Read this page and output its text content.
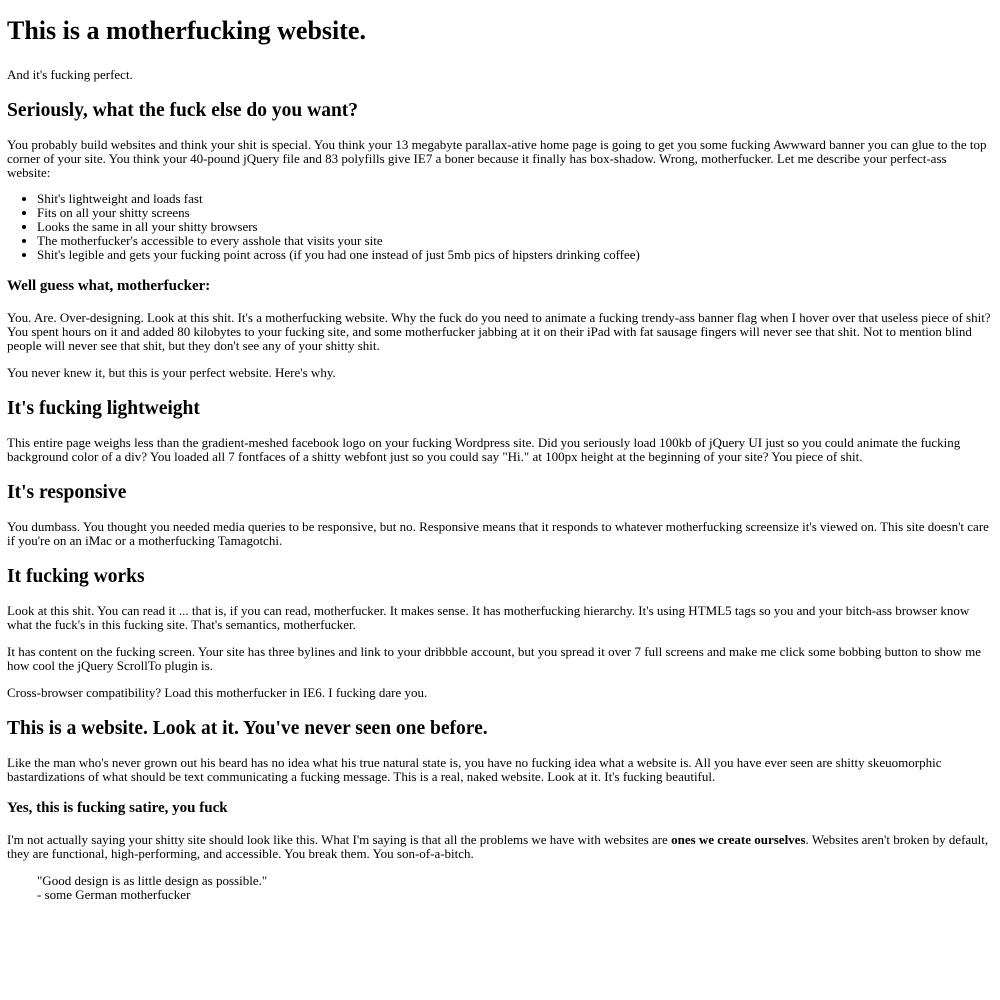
This is a motherfucking website.

And it's fucking perfect.

Seriously, what the fuck else do you want?

You probably build websites and think your shit is special. You think your 13 megabyte parallax-ative home page is going to get you some fucking Awwward banner you can glue to the top corner of your site. You think your 40-pound jQuery file and 83 polyfills give IE7 a boner because it finally has box-shadow. Wrong, motherfucker. Let me describe your perfect-ass website:

• Shit's lightweight and loads fast
• Fits on all your shitty screens
• Looks the same in all your shitty browsers
• The motherfucker's accessible to every asshole that visits your site
• Shit's legible and gets your fucking point across (if you had one instead of just 5mb pics of hipsters drinking coffee)
Well guess what, motherfucker:

You. Are. Over-designing. Look at this shit. It's a motherfucking website. Why the fuck do you need to animate a fucking trendy-ass banner flag when I hover over that useless piece of shit? You spent hours on it and added 80 kilobytes to your fucking site, and some motherfucker jabbing at it on their iPad with fat sausage fingers will never see that shit. Not to mention blind people will never see that shit, but they don't see any of your shitty shit.

You never knew it, but this is your perfect website. Here's why.

It's fucking lightweight

This entire page weighs less than the gradient-meshed facebook logo on your fucking Wordpress site. Did you seriously load 100kb of jQuery UI just so you could animate the fucking background color of a div? You loaded all 7 fontfaces of a shitty webfont just so you could say "Hi." at 100px height at the beginning of your site? You piece of shit.

It's responsive

You dumbass. You thought you needed media queries to be responsive, but no. Responsive means that it responds to whatever motherfucking screensize it's viewed on. This site doesn't care if you're on an iMac or a motherfucking Tamagotchi.

It fucking works

Look at this shit. You can read it ... that is, if you can read, motherfucker. It makes sense. It has motherfucking hierarchy. It's using HTML5 tags so you and your bitch-ass browser know what the fuck's in this fucking site. That's semantics, motherfucker.

It has content on the fucking screen. Your site has three bylines and link to your dribbble account, but you spread it over 7 full screens and make me click some bobbing button to show me how cool the jQuery ScrollTo plugin is.

Cross-browser compatibility? Load this motherfucker in IE6. I fucking dare you.

This is a website. Look at it. You've never seen one before.

Like the man who's never grown out his beard has no idea what his true natural state is, you have no fucking idea what a website is. All you have ever seen are shitty skeuomorphic bastardizations of what should be text communicating a fucking message. This is a real, naked website. Look at it. It's fucking beautiful.

Yes, this is fucking satire, you fuck

I'm not actually saying your shitty site should look like this. What I'm saying is that all the problems we have with websites are ones we create ourselves. Websites aren't broken by default, they are functional, high-performing, and accessible. You break them. You son-of-a-bitch.

"Good design is as little design as possible."
- some German motherfucker
